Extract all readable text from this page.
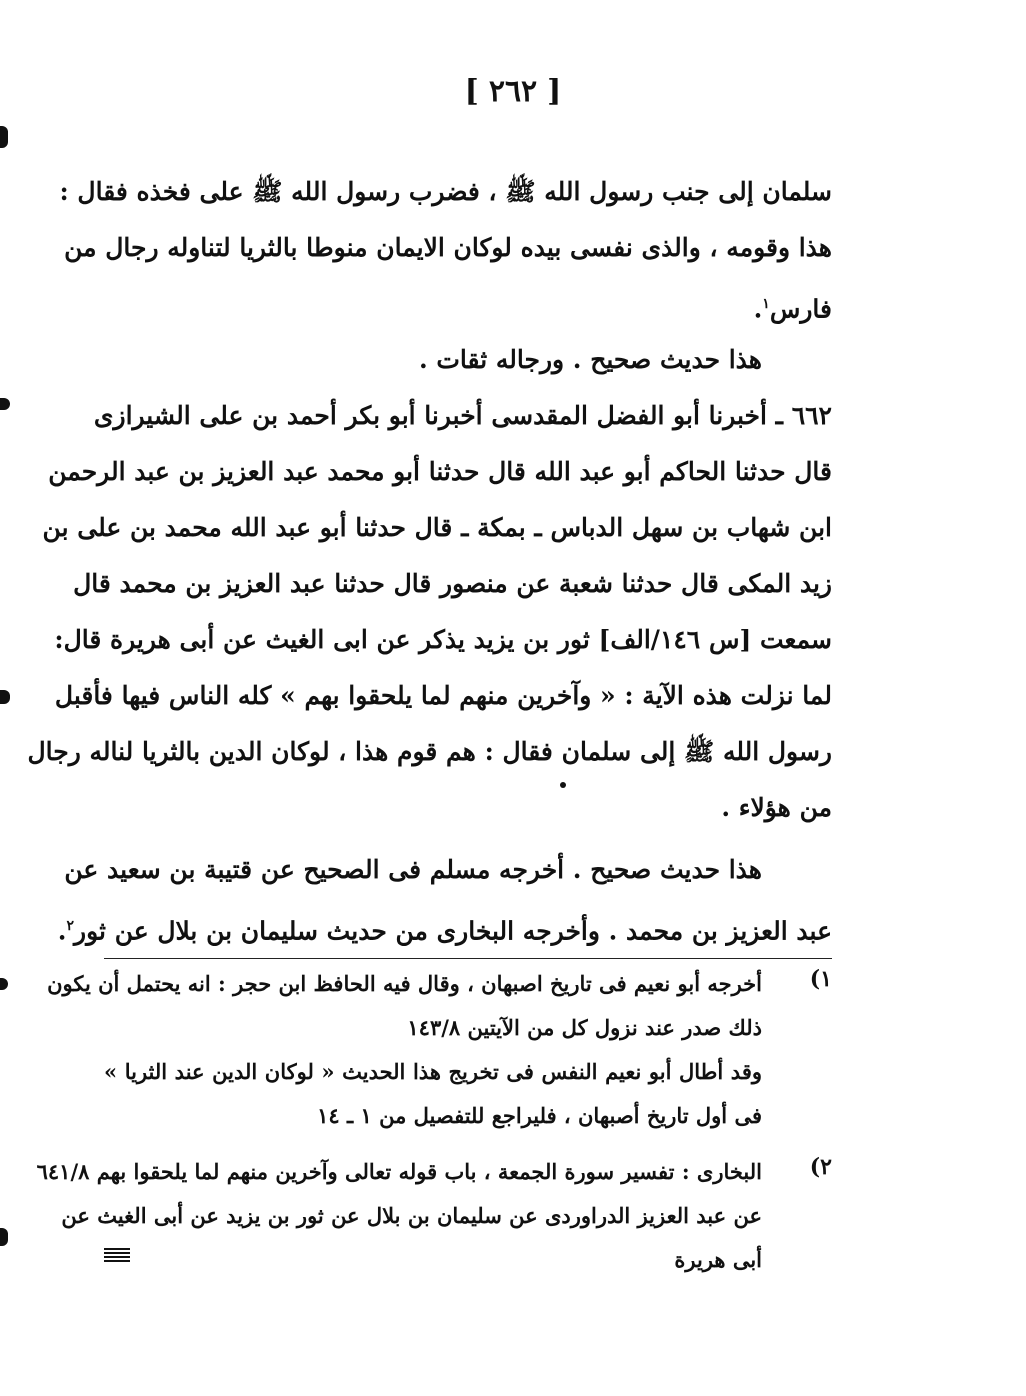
[٢٦٢]
سلمان إلى جنب رسول الله ﷺ ، فضرب رسول الله ﷺ على فخذه فقال :
هذا وقومه ، والذى نفسى بيده لوكان الايمان منوطا بالثريا لتناوله رجال من
فارس$^١$.
هذا حديث صحيح . ورجاله ثقات .
٦٦٢ ـ أخبرنا أبو الفضل المقدسى أخبرنا أبو بكر أحمد بن على الشيرازى
قال حدثنا الحاكم أبو عبد الله قال حدثنا أبو محمد عبد العزيز بن عبد الرحمن
ابن شهاب بن سهل الدباس ـ بمكة ـ قال حدثنا أبو عبد الله محمد بن على بن
زيد المكى قال حدثنا شعبة عن منصور قال حدثنا عبد العزيز بن محمد قال
سمعت [س ١٤٦/الف] ثور بن يزيد يذكر عن ابى الغيث عن أبى هريرة قال:
لما نزلت هذه الآية : « وآخرين منهم لما يلحقوا بهم » كله الناس فيها فأقبل
رسول الله ﷺ إلى سلمان فقال : هم قوم هذا ، لوكان الدين بالثريا لناله رجال
من هؤلاء .
هذا حديث صحيح . أخرجه مسلم فى الصحيح عن قتيبة بن سعيد عن
عبد العزيز بن محمد . وأخرجه البخارى من حديث سليمان بن بلال عن ثور$^٢$.
١)
أخرجه أبو نعيم فى تاريخ اصبهان ، وقال فيه الحافظ ابن حجر : انه يحتمل أن يكون
ذلك صدر عند نزول كل من الآيتين ١٤٣/٨
وقد أطال أبو نعيم النفس فى تخريج هذا الحديث « لوكان الدين عند الثريا »
فى أول تاريخ أصبهان ، فليراجع للتفصيل من ١ ـ ١٤
٢)
البخارى : تفسير سورة الجمعة ، باب قوله تعالى وآخرين منهم لما يلحقوا بهم ٦٤١/٨
عن عبد العزيز الدراوردى عن سليمان بن بلال عن ثور بن يزيد عن أبى الغيث عن
أبى هريرة
